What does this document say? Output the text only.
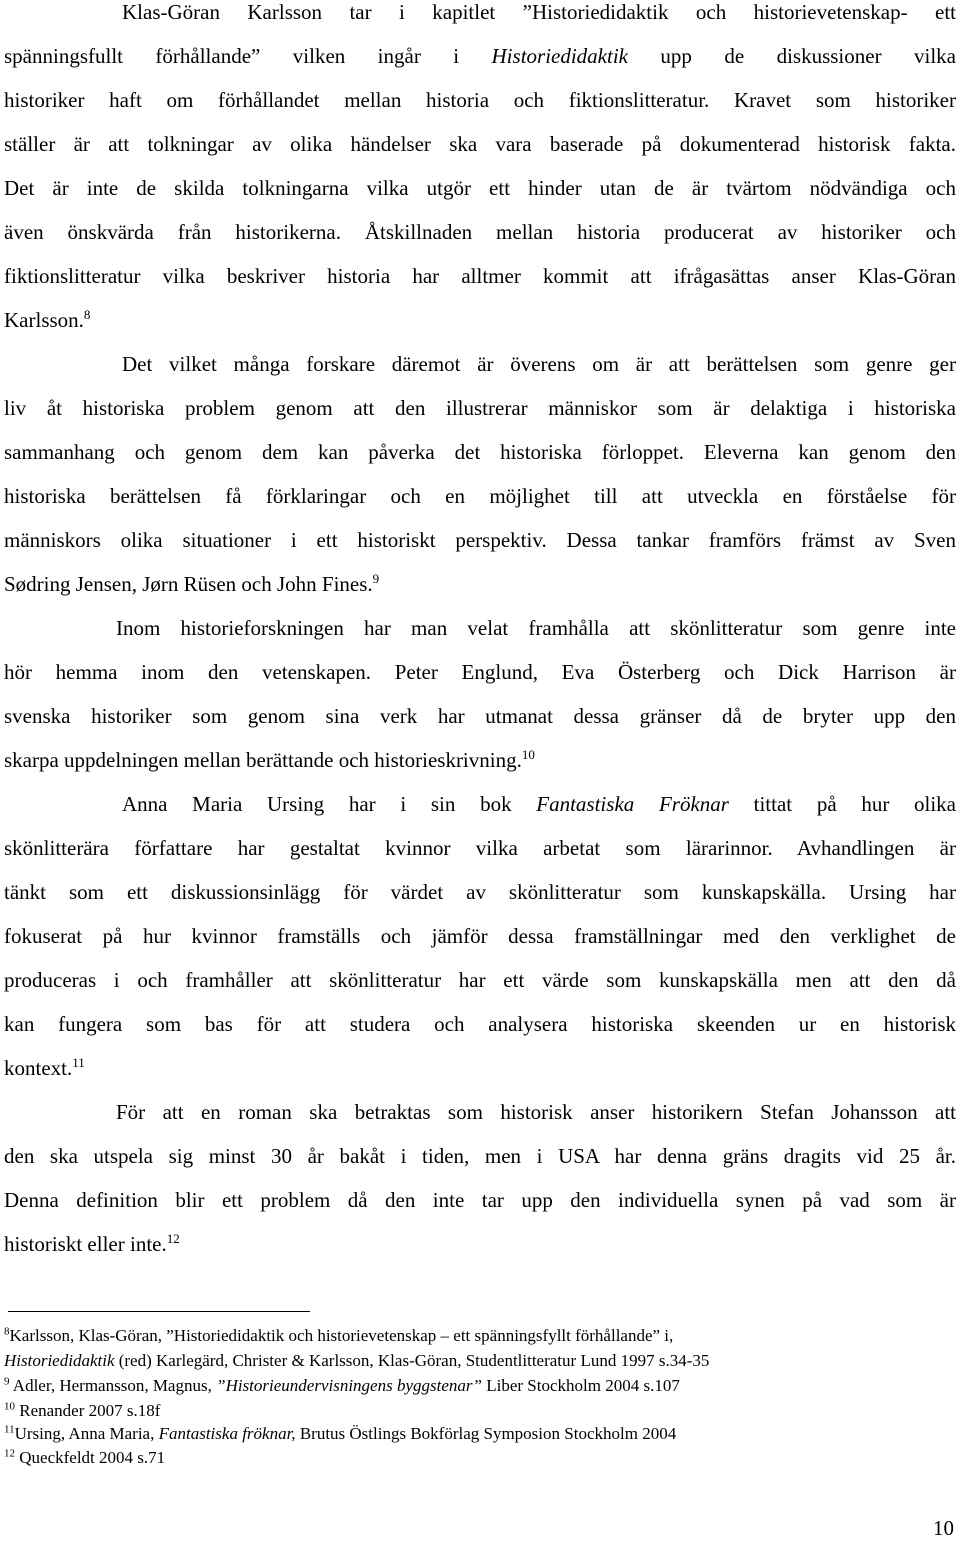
Klas-Göran Karlsson tar i kapitlet ”Historiedidaktik och historievetenskap- ett
spänningsfullt förhållande” vilken ingår i Historiedidaktik upp de diskussioner vilka
historiker haft om förhållandet mellan historia och fiktionslitteratur. Kravet som historiker
ställer är att tolkningar av olika händelser ska vara baserade på dokumenterad historisk fakta.
Det är inte de skilda tolkningarna vilka utgör ett hinder utan de är tvärtom nödvändiga och
även önskvärda från historikerna. Åtskillnaden mellan historia producerat av historiker och
fiktionslitteratur vilka beskriver historia har alltmer kommit att ifrågasättas anser Klas-Göran
Karlsson.$^8$
Det vilket många forskare däremot är överens om är att berättelsen som genre ger
liv åt historiska problem genom att den illustrerar människor som är delaktiga i historiska
sammanhang och genom dem kan påverka det historiska förloppet. Eleverna kan genom den
historiska berättelsen få förklaringar och en möjlighet till att utveckla en förståelse för
människors olika situationer i ett historiskt perspektiv. Dessa tankar framförs främst av Sven
Sødring Jensen, Jørn Rüsen och John Fines.$^9$
Inom historieforskningen har man velat framhålla att skönlitteratur som genre inte
hör hemma inom den vetenskapen. Peter Englund, Eva Österberg och Dick Harrison är
svenska historiker som genom sina verk har utmanat dessa gränser då de bryter upp den
skarpa uppdelningen mellan berättande och historieskrivning.$^{10}$
Anna Maria Ursing har i sin bok Fantastiska Fröknar tittat på hur olika
skönlitterära författare har gestaltat kvinnor vilka arbetat som lärarinnor. Avhandlingen är
tänkt som ett diskussionsinlägg för värdet av skönlitteratur som kunskapskälla. Ursing har
fokuserat på hur kvinnor framställs och jämför dessa framställningar med den verklighet de
produceras i och framhåller att skönlitteratur har ett värde som kunskapskälla men att den då
kan fungera som bas för att studera och analysera historiska skeenden ur en historisk
kontext.$^{11}$
För att en roman ska betraktas som historisk anser historikern Stefan Johansson att
den ska utspela sig minst 30 år bakåt i tiden, men i USA har denna gräns dragits vid 25 år.
Denna definition blir ett problem då den inte tar upp den individuella synen på vad som är
historiskt eller inte.$^{12}$
$^8$Karlsson, Klas-Göran, ”Historiedidaktik och historievetenskap – ett spänningsfyllt förhållande” i,
Historiedidaktik (red) Karlegärd, Christer & Karlsson, Klas-Göran, Studentlitteratur Lund 1997 s.34-35
$^9$ Adler, Hermansson, Magnus, ”Historieundervisningens byggstenar” Liber Stockholm 2004 s.107
$^{10}$ Renander 2007 s.18f
$^{11}$Ursing, Anna Maria, Fantastiska fröknar, Brutus Östlings Bokförlag Symposion Stockholm 2004
$^{12}$ Queckfeldt 2004 s.71
10
